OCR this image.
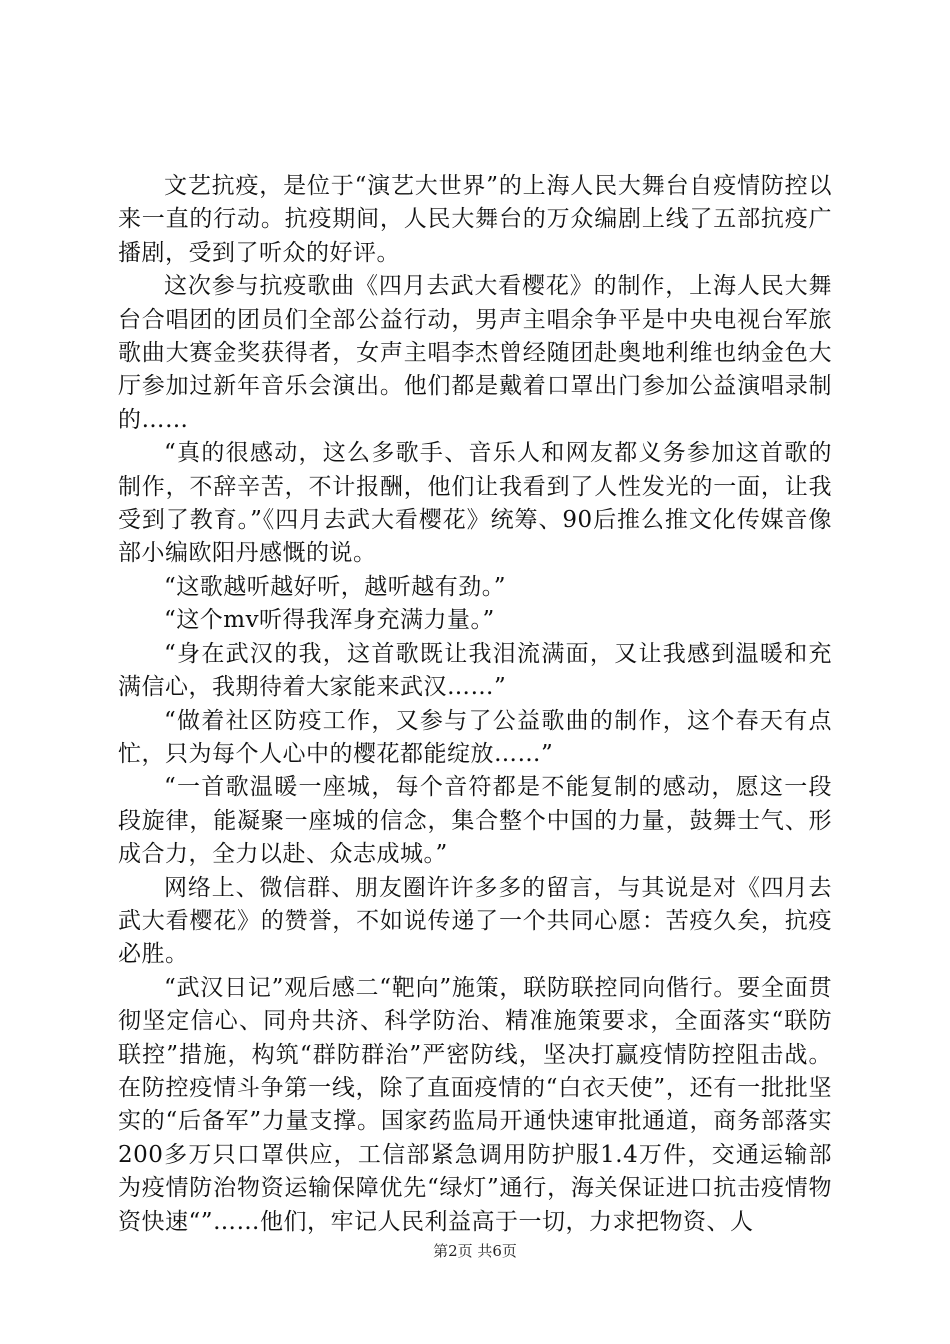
文艺抗疫，是位于“演艺大世界”的上海人民大舞台自疫情防控以来一直的行动。抗疫期间，人民大舞台的万众编剧上线了五部抗疫广播剧，受到了听众的好评。

这次参与抗疫歌曲《四月去武大看樱花》的制作，上海人民大舞台合唱团的团员们全部公益行动，男声主唱余争平是中央电视台军旅歌曲大赛金奖获得者，女声主唱李杰曾经随团赴奥地利维也纳金色大厅参加过新年音乐会演出。他们都是戴着口罩出门参加公益演唱录制的……

“真的很感动，这么多歌手、音乐人和网友都义务参加这首歌的制作，不辞辛苦，不计报酬，他们让我看到了人性发光的一面，让我受到了教育。”《四月去武大看樱花》统筹、90后推么推文化传媒音像部小编欧阳丹感慨的说。

“这歌越听越好听，越听越有劲。”

“这个mv听得我浑身充满力量。”

“身在武汉的我，这首歌既让我泪流满面，又让我感到温暖和充满信心，我期待着大家能来武汉……”

“做着社区防疫工作，又参与了公益歌曲的制作，这个春天有点忙，只为每个人心中的樱花都能绽放……”

“一首歌温暖一座城，每个音符都是不能复制的感动，愿这一段段旋律，能凝聚一座城的信念，集合整个中国的力量，鼓舞士气、形成合力，全力以赴、众志成城。”

网络上、微信群、朋友圈许许多多的留言，与其说是对《四月去武大看樱花》的赞誉，不如说传递了一个共同心愿：苦疫久矣，抗疫必胜。

“武汉日记”观后感二“靶向”施策，联防联控同向偕行。要全面贯彻坚定信心、同舟共济、科学防治、精准施策要求，全面落实“联防联控”措施，构筑“群防群治”严密防线，坚决打赢疫情防控阻击战。在防控疫情斗争第一线，除了直面疫情的“白衣天使”，还有一批批坚实的“后备军”力量支撑。国家药监局开通快速审批通道，商务部落实200多万只口罩供应，工信部紧急调用防护服1.4万件，交通运输部为疫情防治物资运输保障优先“绿灯”通行，海关保证进口抗击疫情物资快速“”……他们，牢记人民利益高于一切，力求把物资、人

第2页 共6页
